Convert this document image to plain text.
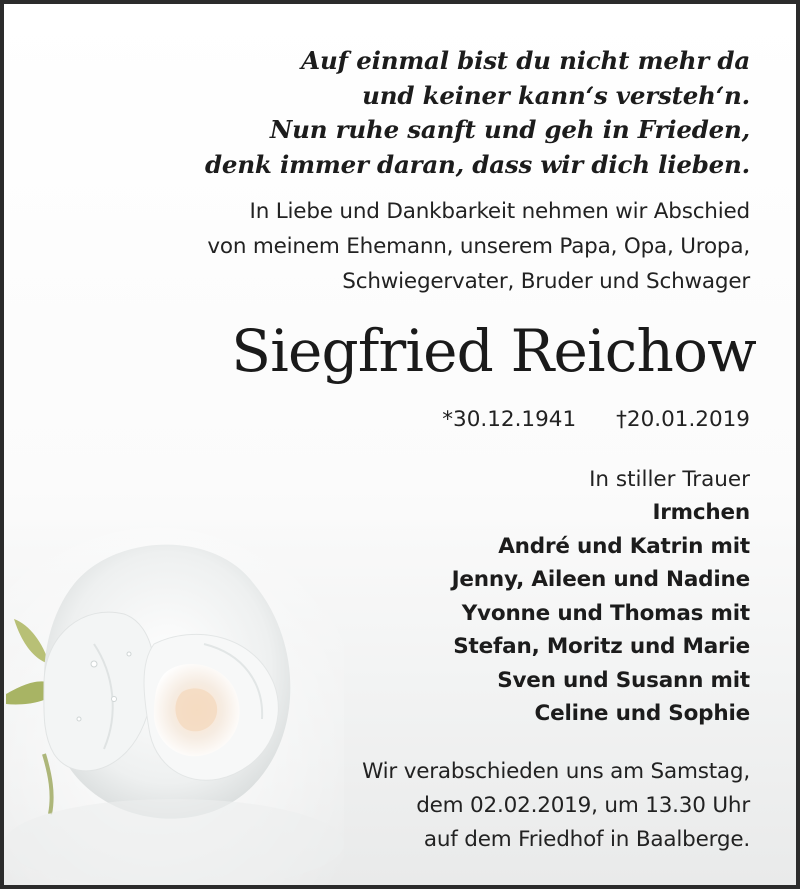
Auf einmal bist du nicht mehr da
und keiner kann‘s versteh‘n.
Nun ruhe sanft und geh in Frieden,
denk immer daran, dass wir dich lieben.

In Liebe und Dankbarkeit nehmen wir Abschied
von meinem Ehemann, unserem Papa, Opa, Uropa,
Schwiegervater, Bruder und Schwager

Siegfried Reichow
*30.12.1941 †20.01.2019
In stiller Trauer
Irmchen
André und Katrin mit
Jenny, Aileen und Nadine
Yvonne und Thomas mit
Stefan, Moritz und Marie
Sven und Susann mit
Celine und Sophie
Wir verabschieden uns am Samstag,
dem 02.02.2019, um 13.30 Uhr
auf dem Friedhof in Baalberge.
